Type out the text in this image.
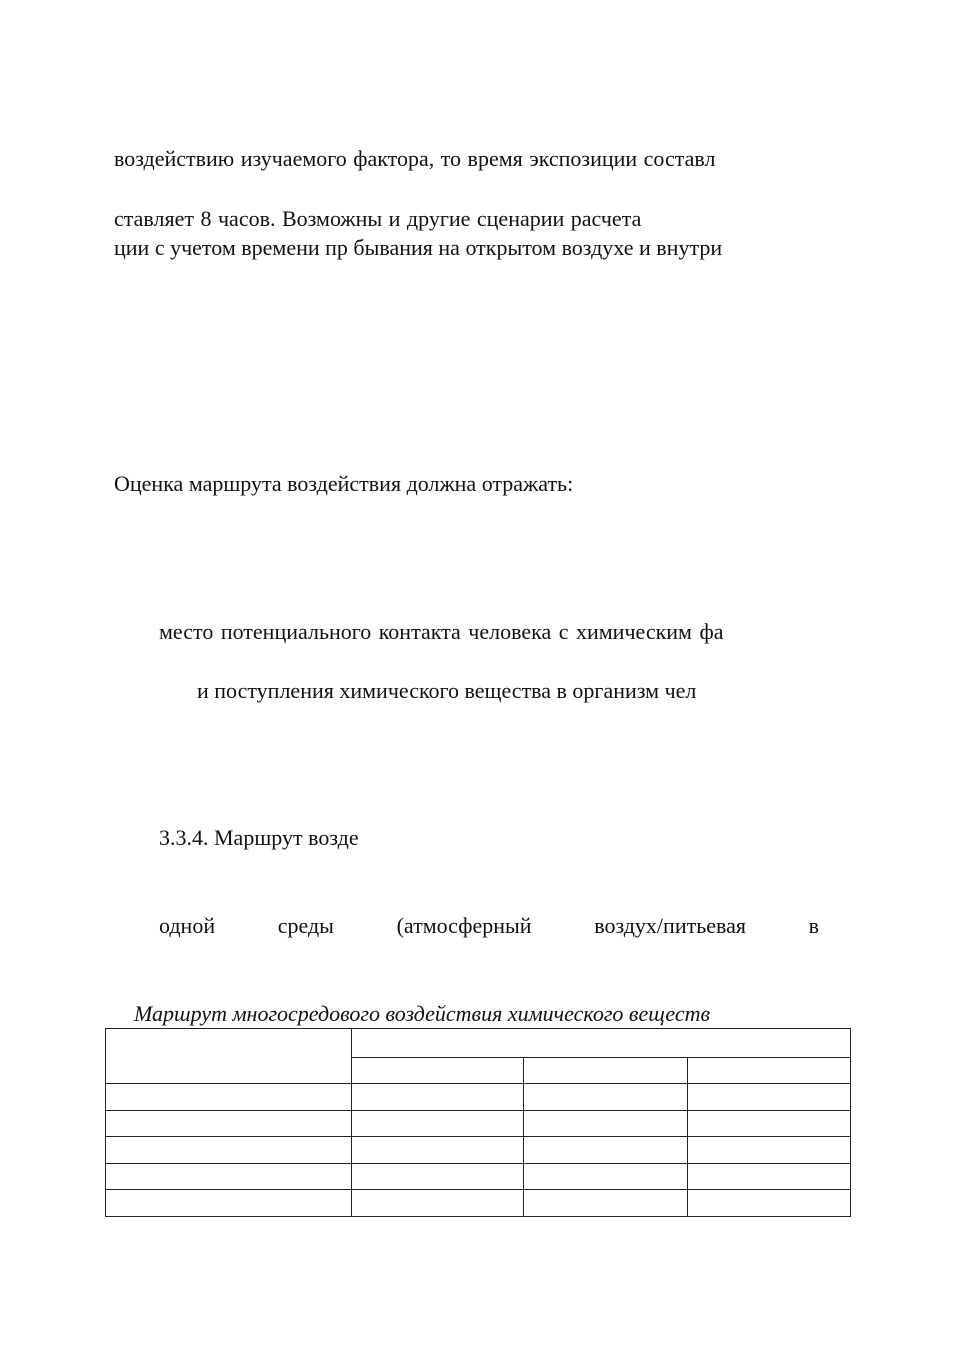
воздействию изучаемого фактора, то время экспозиции составл

ставляет 8 часов. Возможны и другие сценарии расчета

ции с учетом времени пр бывания на открытом воздухе и внутри

Оценка маршрута воздействия должна отражать:

место потенциального контакта человека с химическим фа

и поступления химического вещества в организм чел

3.3.4. Маршрут возде

одной	среды	(атмосферный	воздух/питьевая	в

Маршрут многосредового воздействия химического веществ
